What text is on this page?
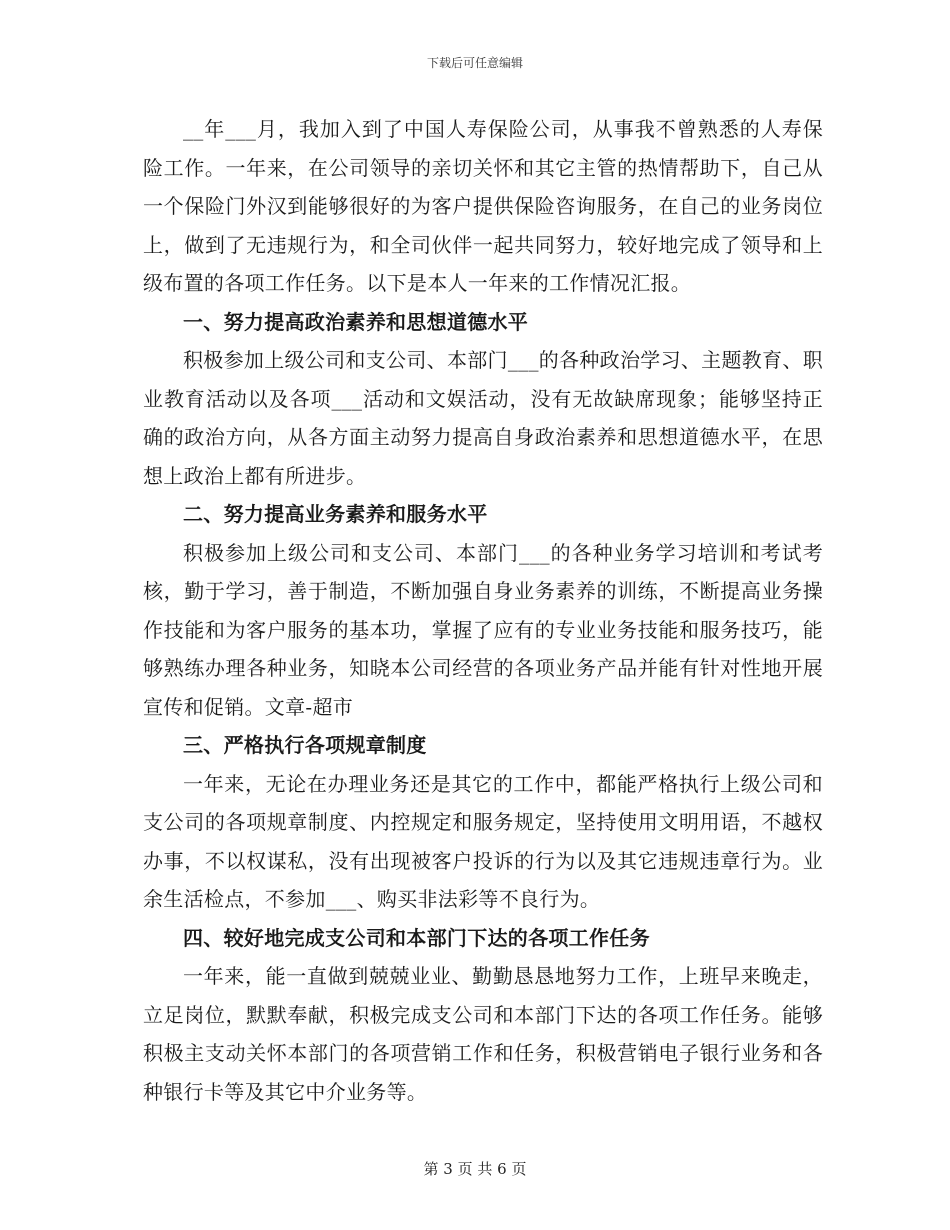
下载后可任意编辑

__年___月，我加入到了中国人寿保险公司，从事我不曾熟悉的人寿保险工作。一年来，在公司领导的亲切关怀和其它主管的热情帮助下，自己从一个保险门外汉到能够很好的为客户提供保险咨询服务，在自己的业务岗位上，做到了无违规行为，和全司伙伴一起共同努力，较好地完成了领导和上级布置的各项工作任务。以下是本人一年来的工作情况汇报。

一、努力提高政治素养和思想道德水平

积极参加上级公司和支公司、本部门___的各种政治学习、主题教育、职业教育活动以及各项___活动和文娱活动，没有无故缺席现象；能够坚持正确的政治方向，从各方面主动努力提高自身政治素养和思想道德水平，在思想上政治上都有所进步。

二、努力提高业务素养和服务水平

积极参加上级公司和支公司、本部门___的各种业务学习培训和考试考核，勤于学习，善于制造，不断加强自身业务素养的训练，不断提高业务操作技能和为客户服务的基本功，掌握了应有的专业业务技能和服务技巧，能够熟练办理各种业务，知晓本公司经营的各项业务产品并能有针对性地开展宣传和促销。文章-超市

三、严格执行各项规章制度

一年来，无论在办理业务还是其它的工作中，都能严格执行上级公司和支公司的各项规章制度、内控规定和服务规定，坚持使用文明用语，不越权办事，不以权谋私，没有出现被客户投诉的行为以及其它违规违章行为。业余生活检点，不参加___、购买非法彩等不良行为。

四、较好地完成支公司和本部门下达的各项工作任务

一年来，能一直做到兢兢业业、勤勤恳恳地努力工作，上班早来晚走，立足岗位，默默奉献，积极完成支公司和本部门下达的各项工作任务。能够积极主支动关怀本部门的各项营销工作和任务，积极营销电子银行业务和各种银行卡等及其它中介业务等。

第 3 页 共 6 页
